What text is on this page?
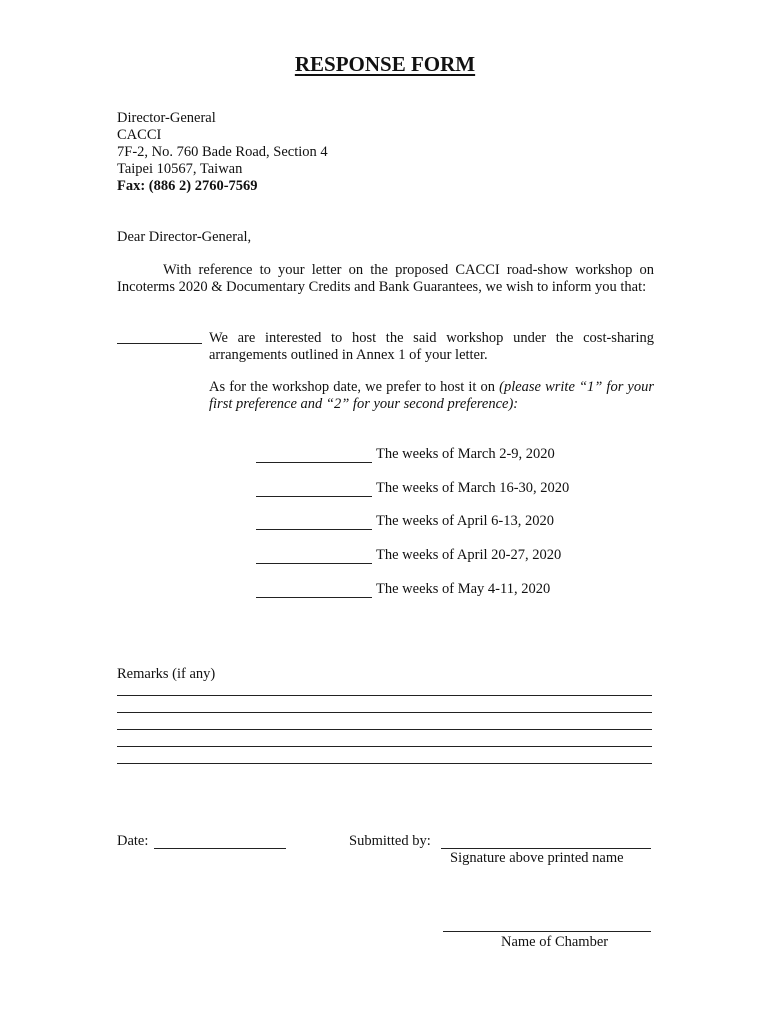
RESPONSE FORM
Director-General
CACCI
7F-2, No. 760 Bade Road, Section 4
Taipei 10567, Taiwan
Fax: (886 2) 2760-7569
Dear Director-General,
With reference to your letter on the proposed CACCI road-show workshop on Incoterms 2020 & Documentary Credits and Bank Guarantees, we wish to inform you that:
We are interested to host the said workshop under the cost-sharing arrangements outlined in Annex 1 of your letter.
As for the workshop date, we prefer to host it on (please write “1” for your first preference and “2” for your second preference):
The weeks of March 2-9, 2020
The weeks of March 16-30, 2020
The weeks of April 6-13, 2020
The weeks of April 20-27, 2020
The weeks of May 4-11, 2020
Remarks (if any)
Date:	Submitted by:
Signature above printed name
Name of Chamber
